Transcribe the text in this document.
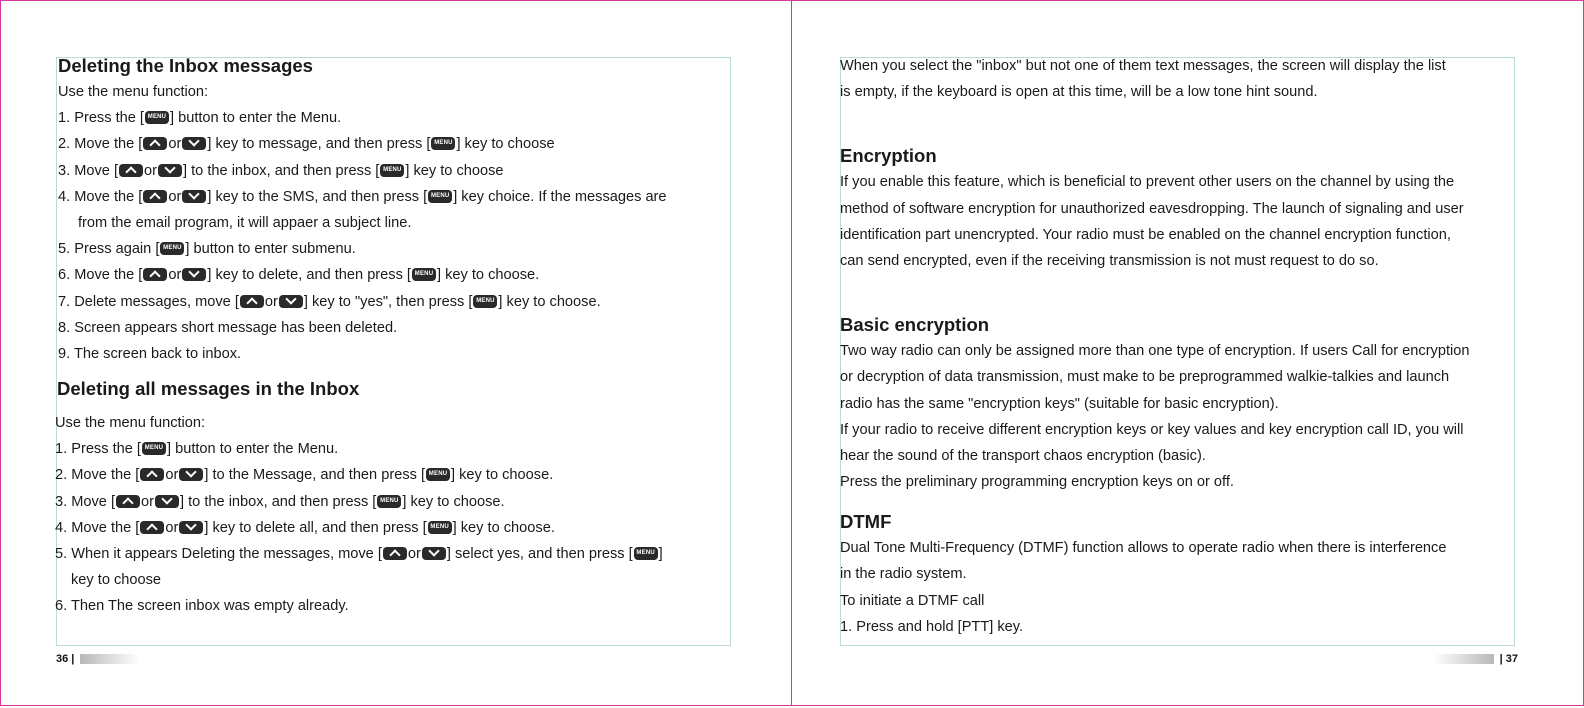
Deleting the Inbox messages
Use the menu function:
1. Press the [ MENU ] button to enter the Menu.
2. Move the [ or ] key to message, and then press [ MENU ] key to choose
3. Move [ or ] to the inbox, and then press [ MENU ] key to choose
4. Move the [ or ] key to the SMS, and then press [ MENU ] key choice. If the messages are
from the email program, it will appaer a subject line.
5. Press again [ MENU ] button to enter submenu.
6. Move the [ or ] key to delete, and then press [ MENU ] key to choose.
7. Delete messages, move [ or ] key to "yes", then press [ MENU ] key to choose.
8. Screen appears short message has been deleted.
9. The screen back to inbox.
Deleting all messages in the Inbox
Use the menu function:
1. Press the [ MENU ] button to enter the Menu.
2. Move the [ or ] to the Message, and then press [ MENU ] key to choose.
3. Move [ or ] to the inbox, and then press [ MENU ] key to choose.
4. Move the [ or ] key to delete all, and then press [ MENU ] key to choose.
5. When it appears Deleting the messages, move [ or ] select yes, and then press [ MENU ]
key to choose
6. Then The screen inbox was empty already.
36 |
When you select the "inbox" but not one of them text messages, the screen will display the list
is empty, if the keyboard is open at this time, will be a low tone hint sound.
Encryption
If you enable this feature, which is beneficial to prevent other users on the channel by using the
method of software encryption for unauthorized eavesdropping. The launch of signaling and user
identification part unencrypted. Your radio must be enabled on the channel encryption function,
can send encrypted, even if the receiving transmission is not must request to do so.
Basic encryption
Two way radio can only be assigned more than one type of encryption. If users Call for encryption
or decryption of data transmission, must make to be preprogrammed walkie-talkies and launch
radio has the same "encryption keys" (suitable for basic encryption).
If your radio to receive different encryption keys or key values and key encryption call ID, you will
hear the sound of the transport chaos encryption (basic).
Press the preliminary programming encryption keys on or off.
DTMF
Dual Tone Multi-Frequency (DTMF) function allows to operate radio when there is interference
in the radio system.
To initiate a DTMF call
1. Press and hold [PTT] key.
| 37
